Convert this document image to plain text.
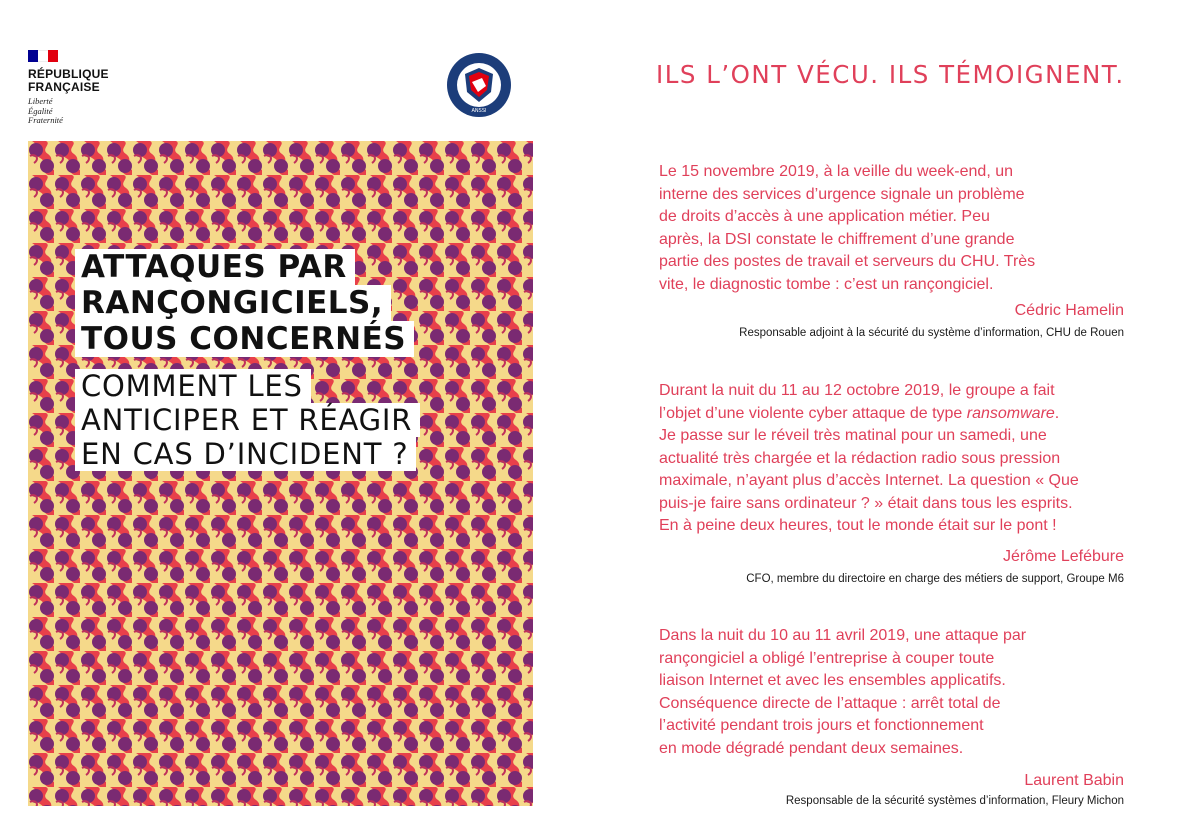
RÉPUBLIQUE
FRANÇAISE
Liberté
Égalité
Fraternité
ANSSI
ATTAQUES PAR
RANÇONGICIELS,
TOUS CONCERNÉS
COMMENT LES
ANTICIPER ET RÉAGIR
EN CAS D’INCIDENT ?
ILS L’ONT VÉCU. ILS TÉMOIGNENT.
Le 15 novembre 2019, à la veille du week-end, un
interne des services d’urgence signale un problème
de droits d’accès à une application métier. Peu
après, la DSI constate le chiffrement d’une grande
partie des postes de travail et serveurs du CHU. Très
vite, le diagnostic tombe : c’est un rançongiciel.
Cédric Hamelin
Responsable adjoint à la sécurité du système d’information, CHU de Rouen
Durant la nuit du 11 au 12 octobre 2019, le groupe a fait
l’objet d’une violente cyber attaque de type ransomware.
Je passe sur le réveil très matinal pour un samedi, une
actualité très chargée et la rédaction radio sous pression
maximale, n’ayant plus d’accès Internet. La question « Que
puis-je faire sans ordinateur ? » était dans tous les esprits.
En à peine deux heures, tout le monde était sur le pont !
Jérôme Lefébure
CFO, membre du directoire en charge des métiers de support, Groupe M6
Dans la nuit du 10 au 11 avril 2019, une attaque par
rançongiciel a obligé l’entreprise à couper toute
liaison Internet et avec les ensembles applicatifs.
Conséquence directe de l’attaque : arrêt total de
l’activité pendant trois jours et fonctionnement
en mode dégradé pendant deux semaines.
Laurent Babin
Responsable de la sécurité systèmes d’information, Fleury Michon
